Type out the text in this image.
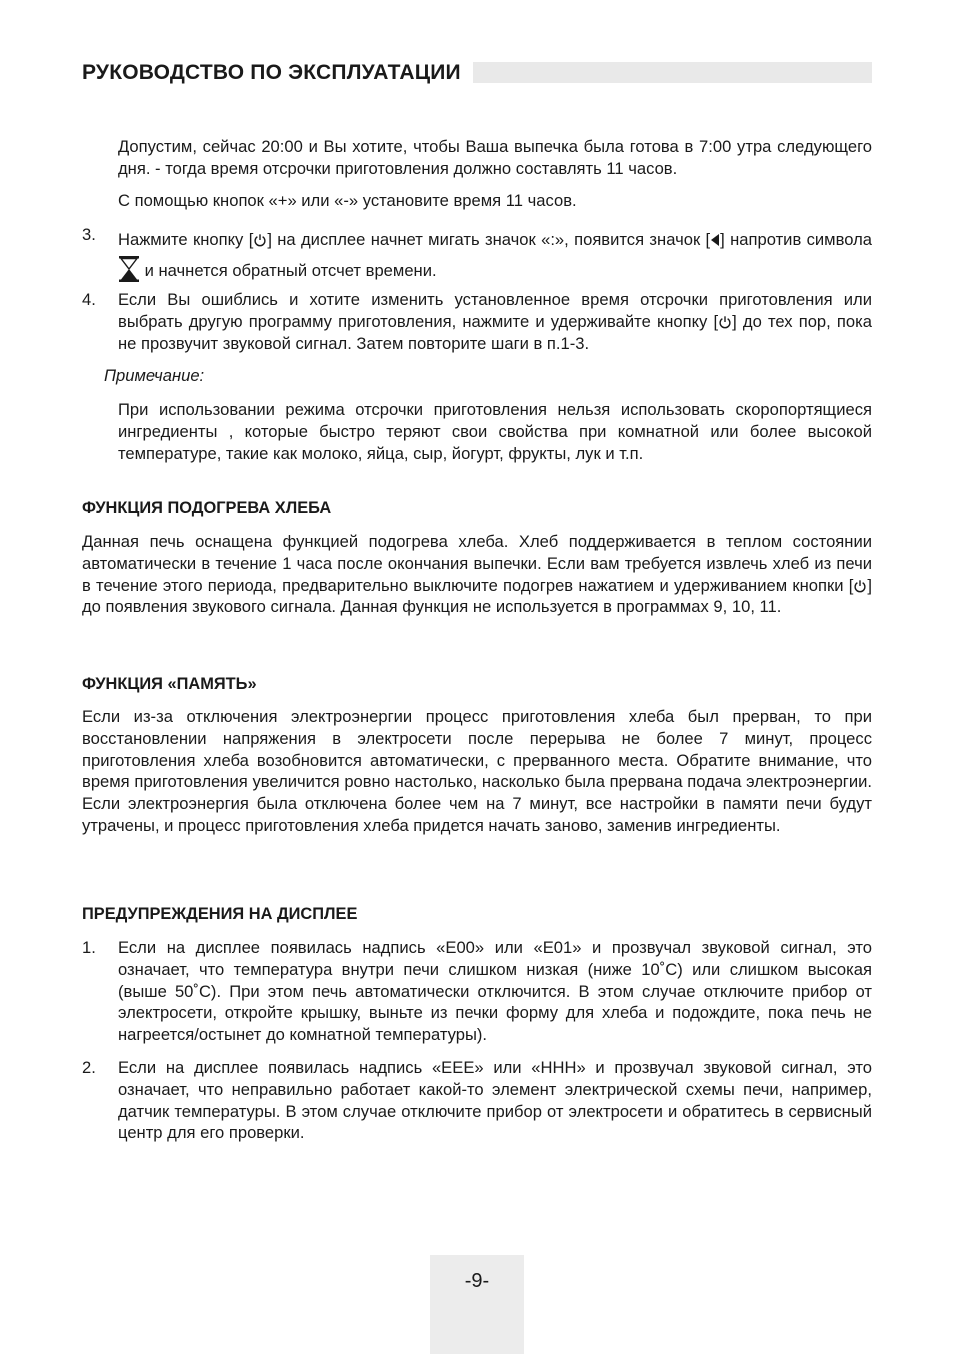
РУКОВОДСТВО ПО ЭКСПЛУАТАЦИИ

Допустим, сейчас 20:00 и Вы хотите, чтобы Ваша выпечка была готова в 7:00 утра следующего дня. - тогда время отсрочки приготовления должно составлять 11 часов.

С помощью кнопок «+» или «-» установите время 11 часов.

3. Нажмите кнопку [ ] на дисплее начнет мигать значок «:», появится значок [ ] напротив символа  и начнется обратный отсчет времени.

4. Если Вы ошиблись и хотите изменить установленное время отсрочки приготовления или выбрать другую программу приготовления, нажмите и удерживайте кнопку [ ] до тех пор, пока не прозвучит звуковой сигнал. Затем повторите шаги в п.1-3.

Примечание:

При использовании режима отсрочки приготовления нельзя использовать скоропортящиеся ингредиенты , которые быстро теряют свои свойства при комнатной или более высокой температуре, такие как молоко, яйца, сыр, йогурт, фрукты, лук и т.п.

ФУНКЦИЯ ПОДОГРЕВА ХЛЕБА

Данная печь оснащена функцией подогрева хлеба. Хлеб поддерживается в теплом состоянии автоматически в течение 1 часа после окончания выпечки. Если вам требуется извлечь хлеб из печи в течение этого периода, предварительно выключите подогрев нажатием и удерживанием кнопки [ ] до появления звукового сигнала. Данная функция не используется в программах 9, 10, 11.

ФУНКЦИЯ «ПАМЯТЬ»

Если из-за отключения электроэнергии процесс приготовления хлеба был прерван, то при восстановлении напряжения в электросети после перерыва не более 7 минут, процесс приготовления хлеба возобновится автоматически, с прерванного места. Обратите внимание, что время приготовления увеличится ровно настолько, насколько была прервана подача электроэнергии. Если электроэнергия была отключена более чем на 7 минут, все настройки в памяти печи будут утрачены, и процесс приготовления хлеба придется начать заново, заменив ингредиенты.

ПРЕДУПРЕЖДЕНИЯ НА ДИСПЛЕЕ
1. Если на дисплее появилась надпись «E00» или «E01» и прозвучал звуковой сигнал, это означает, что температура внутри печи слишком низкая (ниже 10˚С) или слишком высокая (выше 50˚С). При этом печь автоматически отключится. В этом случае отключите прибор от электросети, откройте крышку, выньте из печки форму для хлеба и подождите, пока печь не нагреется/остынет до комнатной температуры).

2. Если на дисплее появилась надпись «EEE» или «HHH» и прозвучал звуковой сигнал, это означает, что неправильно работает какой-то элемент электрической схемы печи, например, датчик температуры. В этом случае отключите прибор от электросети и обратитесь в сервисный центр для его проверки.

-9-
